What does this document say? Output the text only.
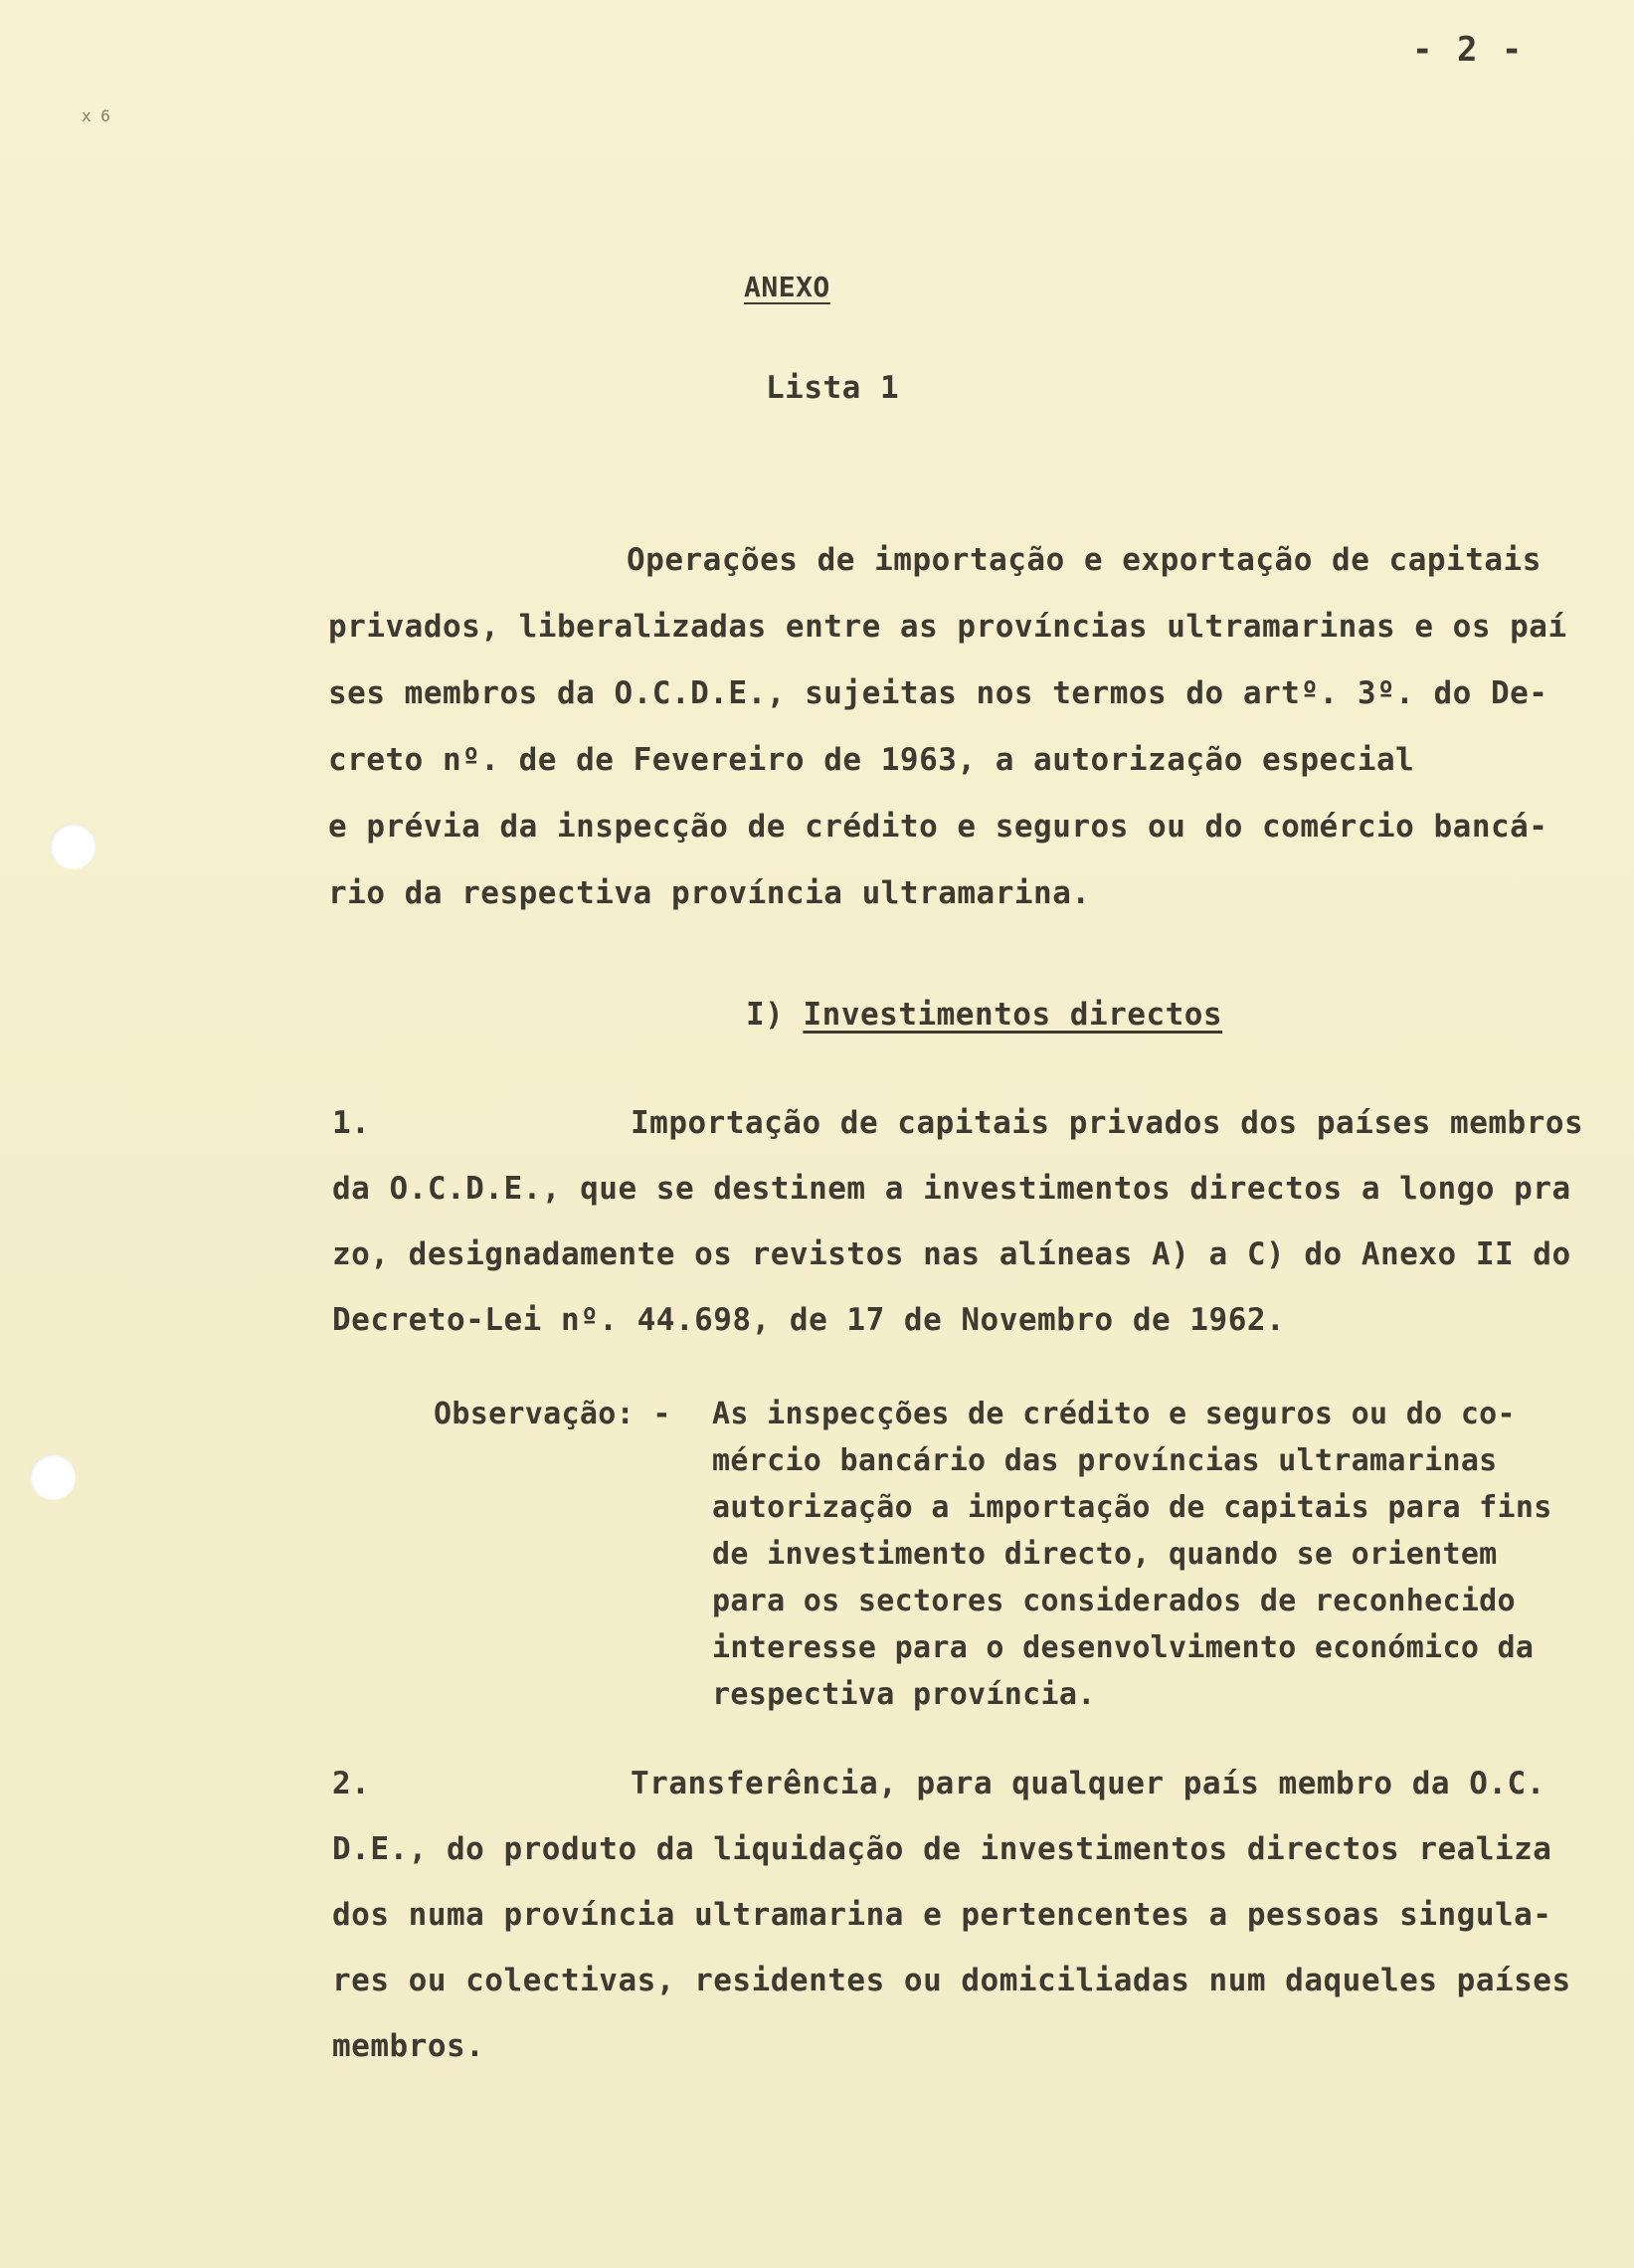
x 6
- 2 -
ANEXO
Lista 1
Operações de importação e exportação de capitais
privados, liberalizadas entre as províncias ultramarinas e os paí
ses membros da O.C.D.E., sujeitas nos termos do artº. 3º. do De-
creto nº. de de Fevereiro de 1963, a autorização especial
e prévia da inspecção de crédito e seguros ou do comércio bancá-
rio da respectiva província ultramarina.
I) Investimentos directos
1.	Importação de capitais privados dos países membros
da O.C.D.E., que se destinem a investimentos directos a longo pra
zo, designadamente os revistos nas alíneas A) a C) do Anexo II do
Decreto-Lei nº. 44.698, de 17 de Novembro de 1962.
Observação: - As inspecções de crédito e seguros ou do co-
mércio bancário das províncias ultramarinas
autorização a importação de capitais para fins
de investimento directo, quando se orientem
para os sectores considerados de reconhecido
interesse para o desenvolvimento económico da
respectiva província.
2.	Transferência, para qualquer país membro da O.C.
D.E., do produto da liquidação de investimentos directos realiza
dos numa província ultramarina e pertencentes a pessoas singula-
res ou colectivas, residentes ou domiciliadas num daqueles países
membros.
